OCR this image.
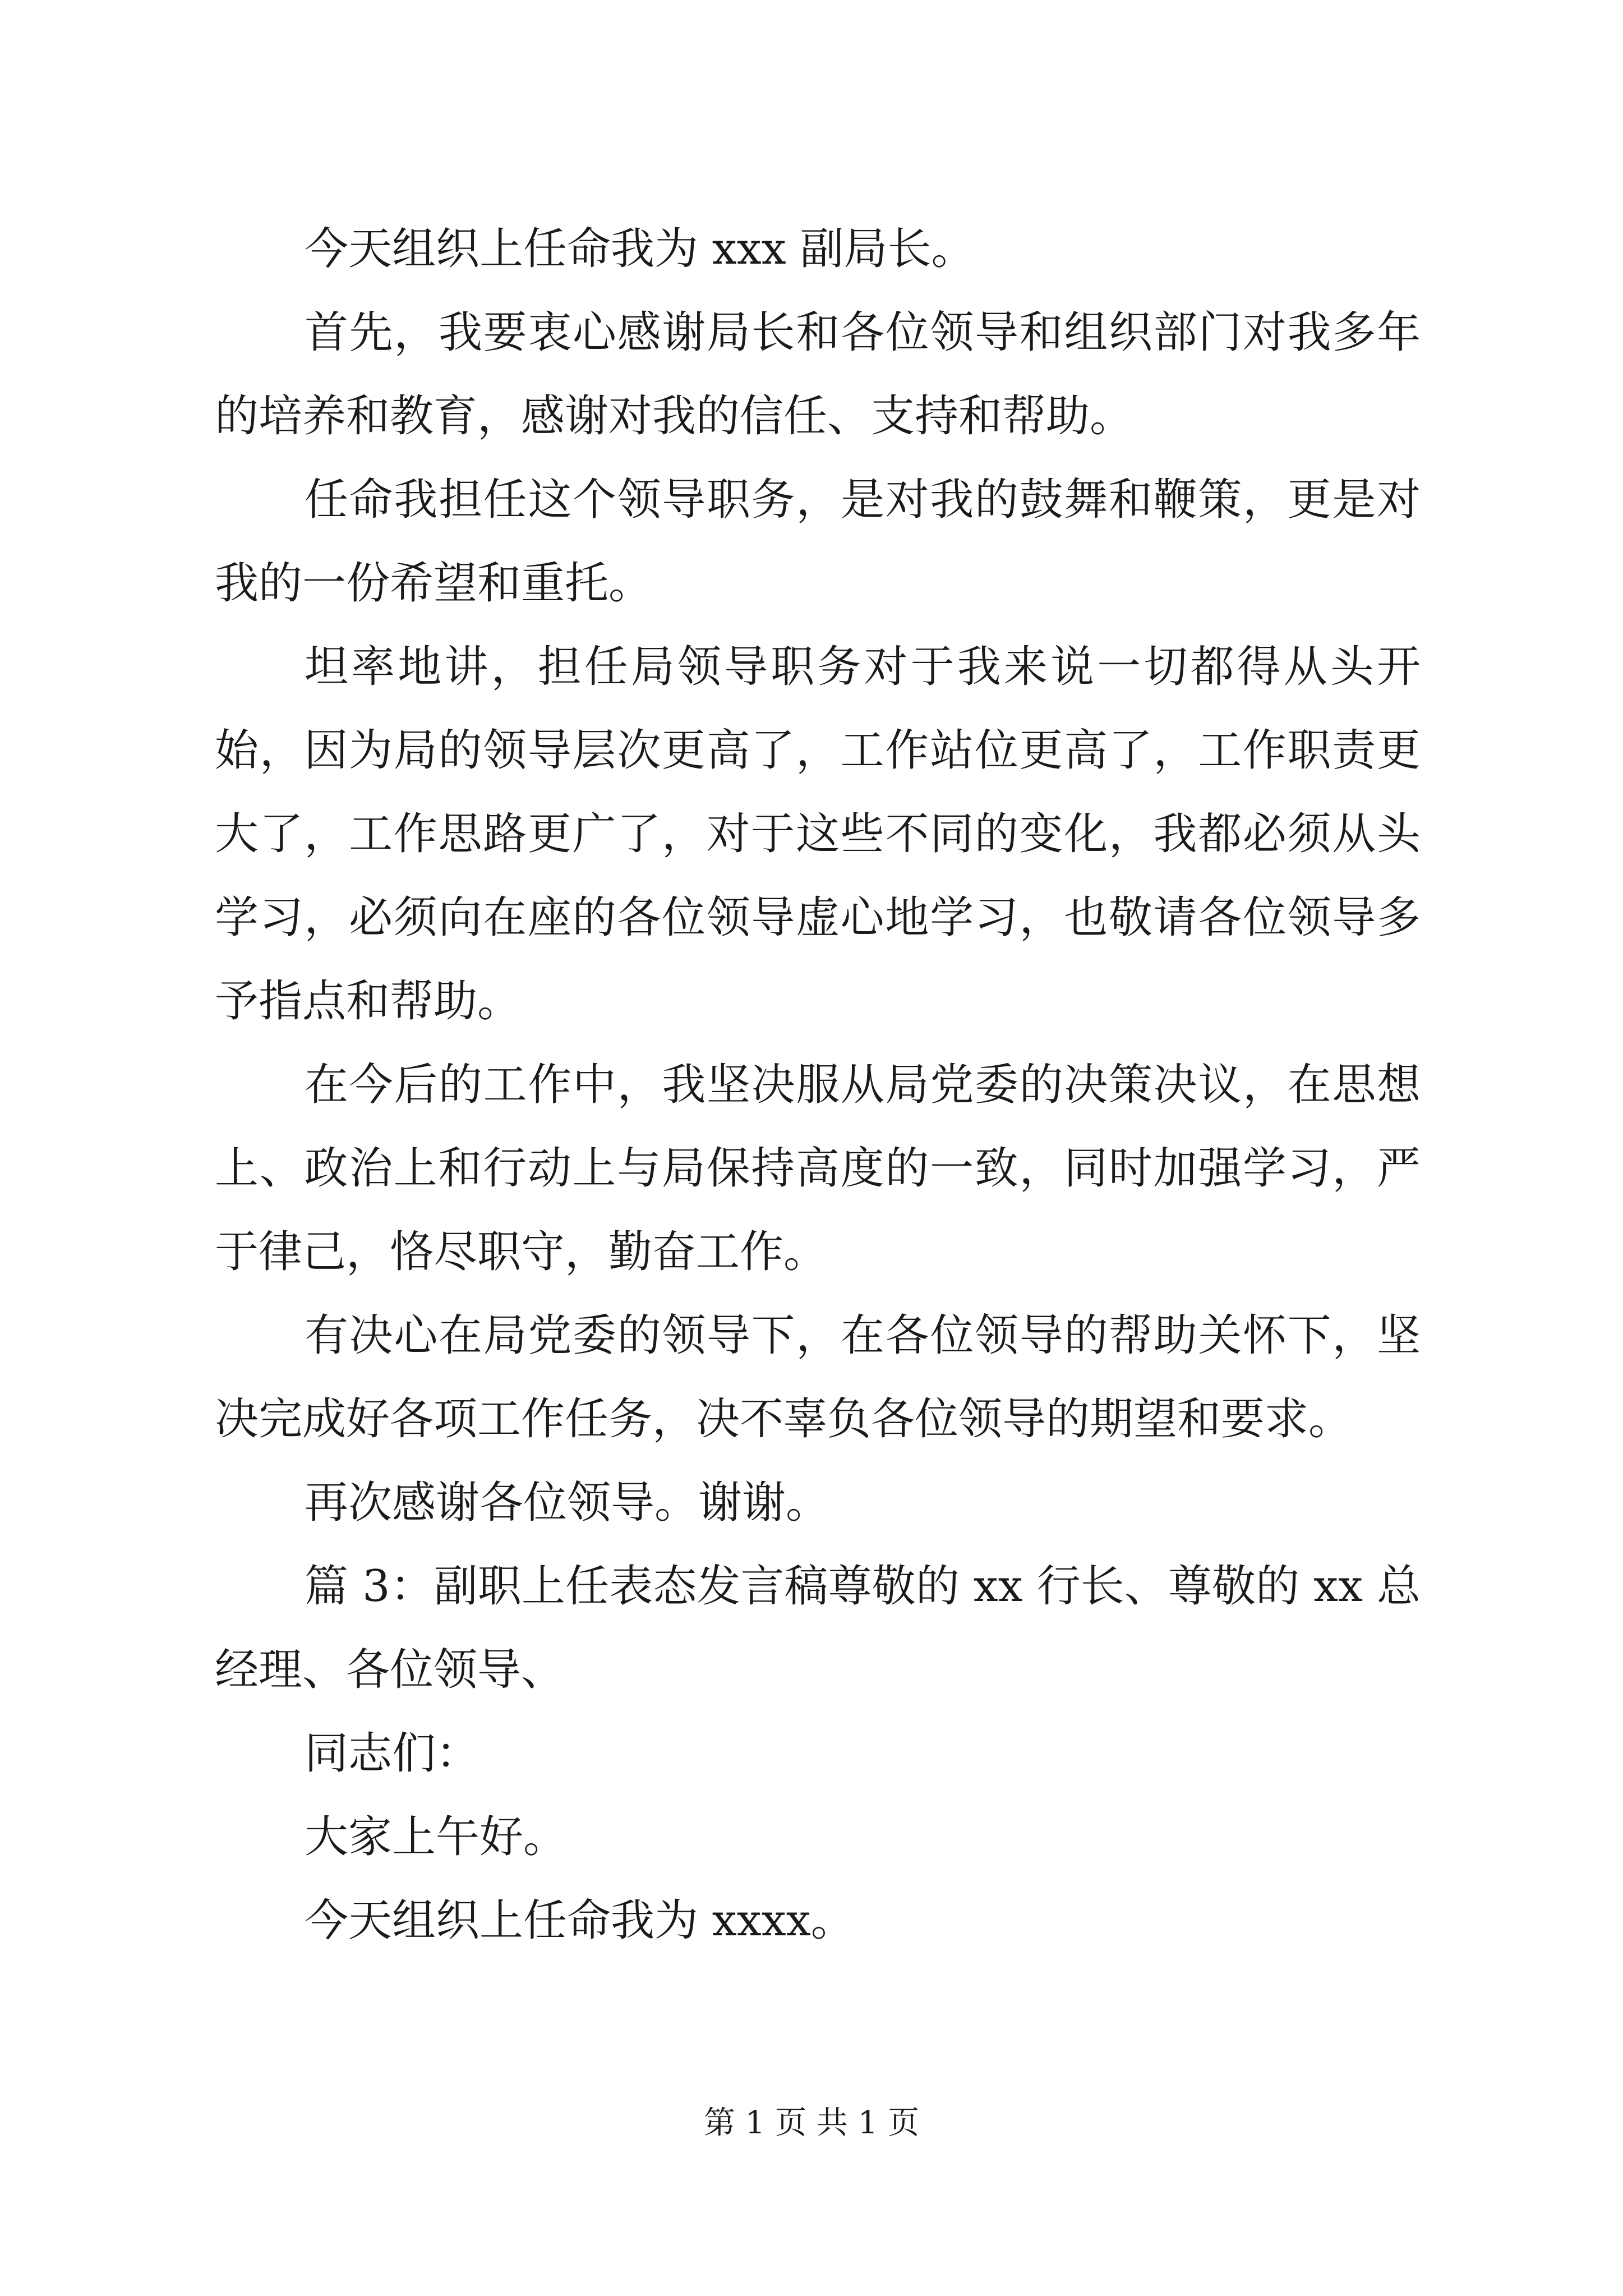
今天组织上任命我为 xxx 副局长。

首先，我要衷心感谢局长和各位领导和组织部门对我多年的培养和教育，感谢对我的信任、支持和帮助。

任命我担任这个领导职务，是对我的鼓舞和鞭策，更是对我的一份希望和重托。

坦率地讲，担任局领导职务对于我来说一切都得从头开始，因为局的领导层次更高了，工作站位更高了，工作职责更大了，工作思路更广了，对于这些不同的变化，我都必须从头学习，必须向在座的各位领导虚心地学习，也敬请各位领导多予指点和帮助。

在今后的工作中，我坚决服从局党委的决策决议，在思想上、政治上和行动上与局保持高度的一致，同时加强学习，严于律己，恪尽职守，勤奋工作。

有决心在局党委的领导下，在各位领导的帮助关怀下，坚决完成好各项工作任务，决不辜负各位领导的期望和要求。

再次感谢各位领导。谢谢。

篇 3：副职上任表态发言稿尊敬的 xx 行长、尊敬的 xx 总经理、各位领导、

同志们：

大家上午好。

今天组织上任命我为 xxxx。

第 1 页 共 1 页
